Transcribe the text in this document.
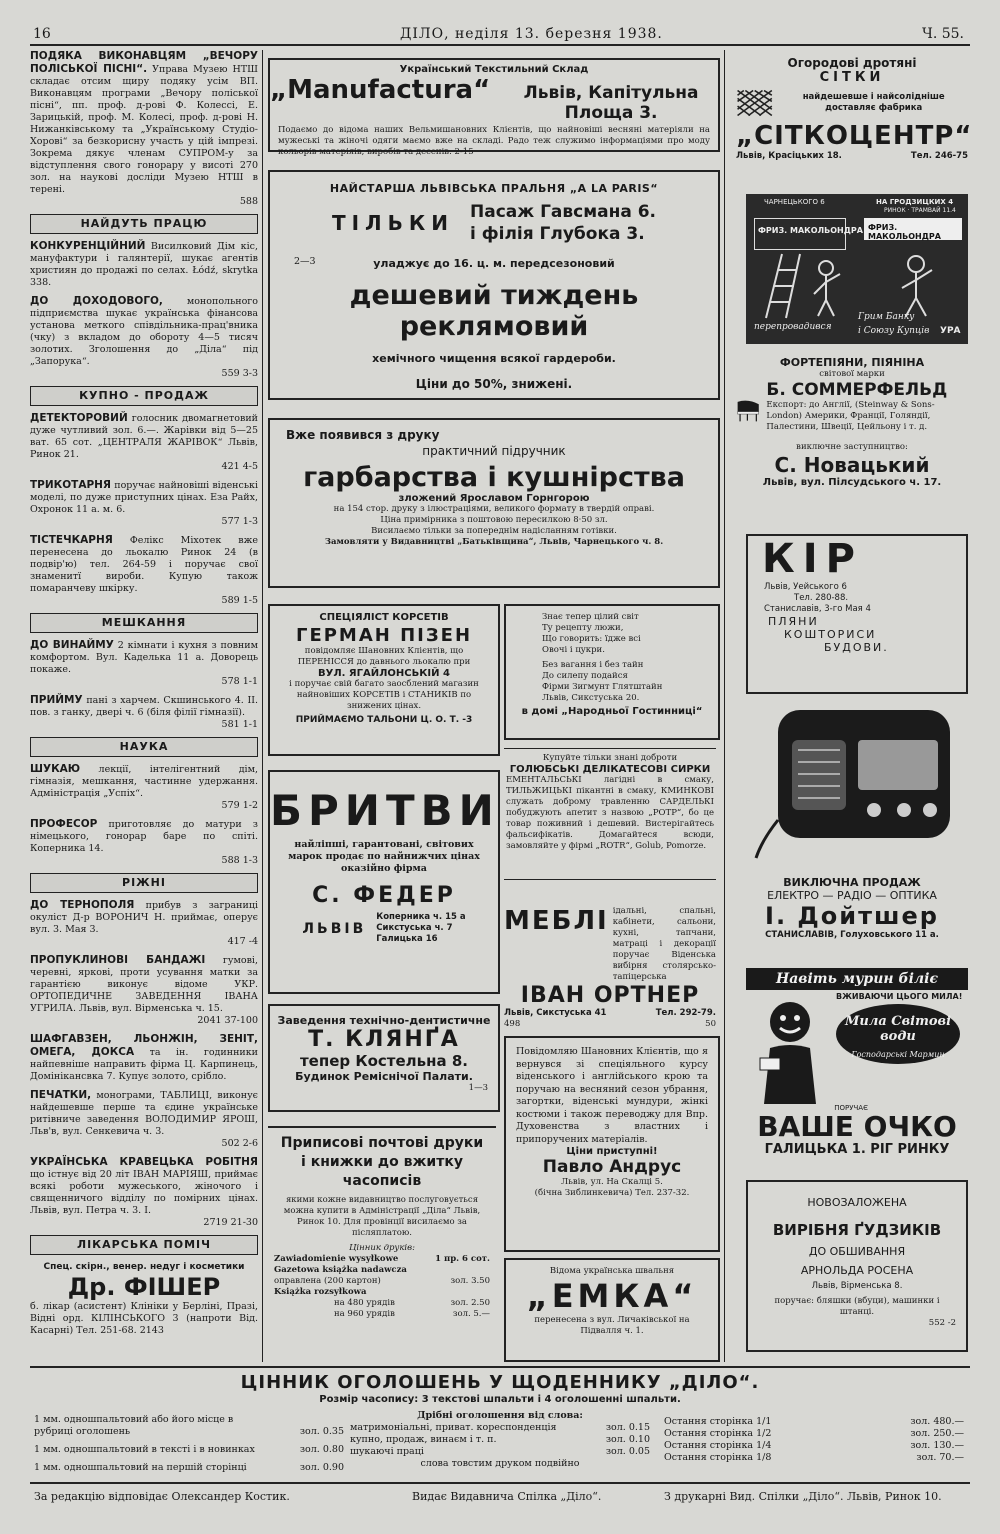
16	ДІЛО, неділя 13. березня 1938.	Ч. 55.

ПОДЯКА ВИКОНАВЦЯМ „ВЕЧОРУ ПОЛІСЬКОЇ ПІСНІ“. Управа Музею НТШ складає отсим щиру подяку усім ВП. Виконавцям програми „Вечору поліської пісні“, пп. проф. д-рові Ф. Колессі, Е. Зарицькій, проф. М. Колесі, проф. д-рові Н. Нижанківському та „Українському Студіо-Хорові“ за безкорисну участь у цій імпрезі. Зокрема дякує членам СУПРОМ-у за відступлення свого гонорару у висоті 270 зол. на наукові досліди Музею НТШ в терені.
588

НАЙДУТЬ ПРАЦЮ

КОНКУРЕНЦІЙНИЙ Висилковий Дім кіс, мануфактури і галянтерії, шукає агентів християн до продажі по селах. Łódź, skrytka 338.

ДО ДОХОДОВОГО,	монопольного підприємства шукає українська фінансова установа меткого співдільника-прац'вника (чку) з вкладом до обороту 4—5 тисяч золотих. Зголошення до „Діла“ під „Запорука“.
559 3-3

КУПНО - ПРОДАЖ

ДЕТЕКТОРОВИЙ голосник двомагнетовий дуже чутливий зол. 6.—. Жарівки від 5—25 ват. 65 сот. „ЦЕНТРАЛЯ ЖАРІВОК“ Львів, Ринок 21.
421 4-5

ТРИКОТАРНЯ поручає найновіші віденські моделі, по дуже приступних цінах. Еза Райх, Охронок 11 а. м. 6.
577 1-3

ТІСТЕЧКАРНЯ Фелікс Міхотек вже перенесена до льокалю Ринок 24 (в подвір'ю) тел. 264-59 і поручає свої знаменитї вироби. Купую також помаранчеву шкірку.
589 1-5

МЕШКАННЯ

ДО ВИНАЙМУ 2 кімнати і кухня з повним комфортом. Вул. Каделька 11 а. Доворець покаже.
578 1-1

ПРИЙМУ пані з харчем. Скшинського 4. II. пов. з ганку, двері ч. 6 (біля філії гімназії).
581 1-1

НАУКА

ШУКАЮ лекції, інтелігентний дім, гімназія, мешкання, частинне удержання. Адміністрація „Успіх“.
579 1-2

ПРОФЕСОР приготовляє до матури з німецького, гонорар баре по спіті. Коперника 14.
588 1-3

РІЖНІ

ДО ТЕРНОПОЛЯ прибув з заграниці окуліст Д-р ВОРОНИЧ Н. приймає, оперує вул. 3. Мая 3.
417 -4

ПРОПУКЛИНОВІ БАНДАЖІ гумові, черевні, яркові, проти усування матки за гарантією виконує відоме УКР. ОРТОПЕДИЧНЕ ЗАВЕДЕННЯ ІВАНА УГРИЛА. Львів, вул. Вірменська ч. 15.
2041 37-100

ШАФГАВЗЕН, ЛЬОНЖІН, ЗЕНІТ, ОМЕГА, ДОКСА та ін. годинники найпевніше направить фірма Ц. Карпинець, Домінікансвка 7. Купує золото, срібло.

ПЕЧАТКИ, монограми, ТАБЛИЦІ, виконує найдешевше перше та єдине українське ритівниче заведення ВОЛОДИМИР ЯРОШ, Льв'в, вул. Сенкевича ч. 3.
502 2-6

УКРАЇНСЬКА КРАВЕЦЬКА РОБІТНЯ що істнує від 20 літ ІВАН МАРІЯШ, приймає всякі роботи мужеського, жіночого і священничого відділу по помірних цінах. Львів, вул. Петра ч. 3. І.
2719 21-30

ЛІКАРСЬКА ПОМІЧ
Спец. скірн., венер. недуг і косметики
Др. ФІШЕР

б. лікар (асистент) Клініки у Берліні, Празі, Відні орд. КІЛІНСЬКОГО 3 (напроти Від. Касарні) Тел. 251-68. 2143

Український Текстильний Склад
„Manufactura“	Львів, Капітульна Площа 3.
Подаємо до відома наших Вельмишановних Клієнтів, що найновіші весняні матеріяли на мужеські та жіночі одяги маємо вже на складі. Радо теж служимо інформаціями про моду кольорів матеріяів, виробів та десенів. 2-15
НАЙСТАРША ЛЬВІВСЬКА ПРАЛЬНЯ „A LA PARIS“
ТІЛЬКИ Пасаж Гавсмана 6.
і філія Глубока 3.
2—3	уладжує до 16. ц. м. передсезоновий
дешевий тиждень реклямовий
хемічного чищення всякої гардероби.
Ціни до 50%, знижені.
Вже появився з друку
практичний підручник
гарбарства і кушнірства
зложений Ярославом Горнгорою
на 154 стор. друку з ілюстраціями, великого формату в твердій оправі.
Ціна примірника з поштовою пересилкою 8·50 зл.
Висилаємо тільки за попереднім надісланням готівки.
Замовляти у Видавництві „Батьківщина“, Львів, Чарнецького ч. 8.
СПЕЦІЯЛІСТ КОРСЕТІВ
ГЕРМАН ПІЗЕН
повідомляє Шановних Клієнтів, що ПЕРЕНІССЯ до давнього льокалю при
ВУЛ. ЯГАЙЛОНСЬКІЙ 4
і поручає свій багато заосблений магазин найновіших КОРСЕТІВ і СТАНИКІВ по знижених цінах.
ПРИЙМАЄМО ТАЛЬОНИ Ц. О. Т. -3
Знає тепер цілий світ
Ту рецепту люжи,
Що говорить: їдже всі
Овочі і цукри.
Без вагання і без тайн
До силепу подайся
Фірми Зигмунт Глятштайн
Львів, Сикстуська 20.
в домі „Народньої Гостинниці“
БРИТВИ
найліпші, гарантовані, світових марок продає по найнижчих цінах оказійно фірма
С. ФЕДЕР
ЛЬВІВ
Коперника ч. 15 а
Сикстуська ч. 7
Галицька 16
Купуйте тільки знані доброти
ГОЛЮБСЬКІ ДЕЛІКАТЕСОВІ СИРКИ
ЕМЕНТАЛЬСЬКІ лагідні в смаку, ТИЛЬЖИЦЬКІ пікантні в смаку, КМИНКОВІ служать доброму травленню САРДЕЛЬКІ побуджують апетит з назвою „РОТР“, бо це товар поживний і дешевий. Вистерігайтесь фальсифікатів. Домагайтеся всюди, замовляйте у фірмі „ROTR“, Golub, Pomorze.
МЕБЛІ ідальні, спальні, кабінети, сальони, кухні, тапчани, матраці і декорації поручає Віденська вибірня столярсько-тапіцерська
ІВАН ОРТНЕР
Львів, Сикстуська 41	Тел. 292-79.
498	50
Заведення технічно-дентистичне
Т. КЛЯНҐА
тепер Костельна 8.
Будинок Реміснічої Палати.
1—3
Повідомляю Шановних Клієнтів, що я вернувся зі спеціяльного курсу віденського і англійського крою та поручаю на весняний сезон убрання, загортки, віденські мундури, жінкі костюми і також переводжу для Впр. Духовенства з властних і припоручених матеріалів.
Ціни приступні!
Павло Андрус
Львів, ул. На Скалці 5.
(бічна Зиблинкевича) Тел. 237-32.
Приписові почтові друки і книжки до вжитку часописів
якими кожне видавництво послуговується можна купити в Адміністрації „Діла“ Львів, Ринок 10. Для провінції висилаємо за післяплатою.
Цінник друків:
Zawiadomienie wysyłkowe	1 пр. 6 сот.
Gazetowa książka nadawcza
оправлена (200 картон)	зол. 3.50
Książka rozsyłkowa
на 480 урядів	зол. 2.50
на 960 урядів	зол. 5.—
Відома українська швальня
„ЕМКА“
перенесена з вул. Личаківської на Підвалля ч. 1.
Огородові дротяні
СІТКИ
найдешевше і найсолідніше доставляє фабрика
„СІТКОЦЕНТР“
Львів, Красіцьких 18.	Тел. 246-75
ЧАРНЕЦЬКОГО 6	НА ГРОДЗИЦКИХ 4
РИНОК · ТРАМВАЙ 11.4
ФРИЗ. МАКОЛЬОНДРА ФРИЗ. МАКОЛЬОНДРА
перепровадився
Грим Банку
і Союзу Купців УРА
ФОРТЕПІЯНИ, ПІЯНІНА
світової марки
Б. СОММЕРФЕЛЬД
Експорт: до Англії, (Steinway & Sons-London) Америки, Франції, Голяндії, Палестини, Швеції, Цейльону і т. д.
виключне заступництво:
С. Новацький
Львів, вул. Пілсудського ч. 17.
КІР
Львів, Уейського 6
Тел. 280-88.
Станиславів, 3-го Мая 4
ПЛЯНИ
КОШТОРИСИ
БУДОВИ.
ВИКЛЮЧНА ПРОДАЖ
ЕЛЕКТРО — РАДІО — ОПТИКА
І. Дойтшер
СТАНИСЛАВІВ, Голуховського 11 а.
Навіть мурин біліє
ВЖИВАЮЧИ ЦЬОГО МИЛА!
Мила Світові води
Господарські Мармин
ПОРУЧАЄ
ВАШЕ ОЧКО
ГАЛИЦЬКА 1. РІГ РИНКУ
НОВОЗАЛОЖЕНА
ВИРІБНЯ ҐУДЗИКІВ
ДО ОБШИВАННЯ
АРНОЛЬДА РОСЕНА
Львів, Вірменська 8.
поручає: бляшки (вбуци), машинки і штанці.
552 -2
ЦІННИК ОГОЛОШЕНЬ У ЩОДЕННИКУ „ДІЛО“.
Розмір часопису: 3 текстові шпальти і 4 оголошенні шпальти.
1 мм. одношпальтовий або його місце в рубриці оголошень	зол. 0.35
1 мм. одношпальтовий в тексті і в новинках	зол. 0.80
1 мм. одношпальтовий на першій сторінці	зол. 0.90
Дрібні оголошення від слова:
матримоніальні, приват. кореспонденція	зол. 0.15
купно, продаж, винаєм і т. п.	зол. 0.10
шукаючі праці	зол. 0.05
слова товстим друком подвійно
Остання сторінка 1/1	зол. 480.—
Остання сторінка 1/2	зол. 250.—
Остання сторінка 1/4	зол. 130.—
Остання сторінка 1/8	зол. 70.—
За редакцію відповідає Олександер Костик.	Видає Видавнича Спілка „Діло“.	З друкарні Вид. Спілки „Діло“. Львів, Ринок 10.
